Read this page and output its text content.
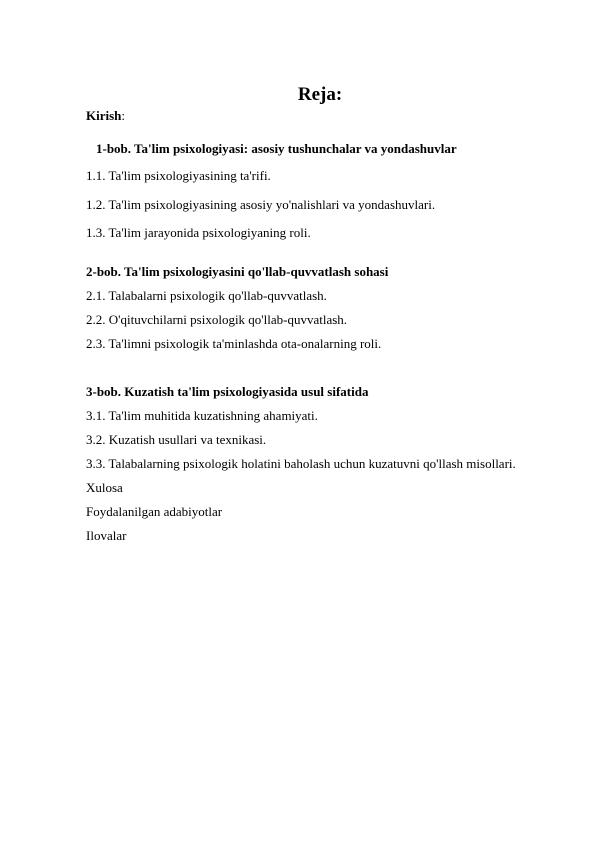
Reja:
Kirish:
1-bob. Ta'lim psixologiyasi: asosiy tushunchalar va yondashuvlar
1.1. Ta'lim psixologiyasining ta'rifi.
1.2. Ta'lim psixologiyasining asosiy yo'nalishlari va yondashuvlari.
1.3. Ta'lim jarayonida psixologiyaning roli.
2-bob. Ta'lim psixologiyasini qo'llab-quvvatlash sohasi
2.1. Talabalarni psixologik qo'llab-quvvatlash.
2.2. O'qituvchilarni psixologik qo'llab-quvvatlash.
2.3. Ta'limni psixologik ta'minlashda ota-onalarning roli.
3-bob. Kuzatish ta'lim psixologiyasida usul sifatida
3.1. Ta'lim muhitida kuzatishning ahamiyati.
3.2. Kuzatish usullari va texnikasi.
3.3. Talabalarning psixologik holatini baholash uchun kuzatuvni qo'llash misollari.
Xulosa
Foydalanilgan adabiyotlar
Ilovalar
